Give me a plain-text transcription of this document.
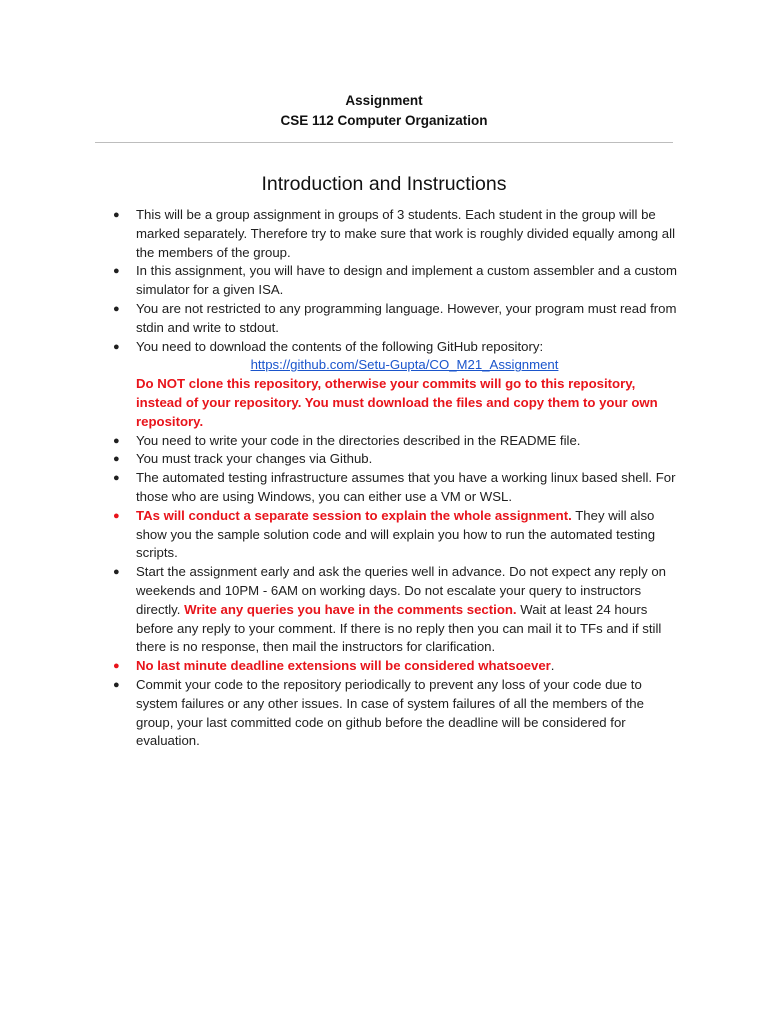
Assignment
CSE 112 Computer Organization
Introduction and Instructions
● This will be a group assignment in groups of 3 students. Each student in the group will be marked separately. Therefore try to make sure that work is roughly divided equally among all the members of the group.
● In this assignment, you will have to design and implement a custom assembler and a custom simulator for a given ISA.
● You are not restricted to any programming language. However, your program must read from stdin and write to stdout.
● You need to download the contents of the following GitHub repository:
https://github.com/Setu-Gupta/CO_M21_Assignment
Do NOT clone this repository, otherwise your commits will go to this repository, instead of your repository. You must download the files and copy them to your own repository.
● You need to write your code in the directories described in the README file.
● You must track your changes via Github.
● The automated testing infrastructure assumes that you have a working linux based shell. For those who are using Windows, you can either use a VM or WSL.
● TAs will conduct a separate session to explain the whole assignment. They will also show you the sample solution code and will explain you how to run the automated testing scripts.
● Start the assignment early and ask the queries well in advance. Do not expect any reply on weekends and 10PM - 6AM on working days. Do not escalate your query to instructors directly. Write any queries you have in the comments section. Wait at least 24 hours before any reply to your comment. If there is no reply then you can mail it to TFs and if still there is no response, then mail the instructors for clarification.
● No last minute deadline extensions will be considered whatsoever.
● Commit your code to the repository periodically to prevent any loss of your code due to system failures or any other issues. In case of system failures of all the members of the group, your last committed code on github before the deadline will be considered for evaluation.
